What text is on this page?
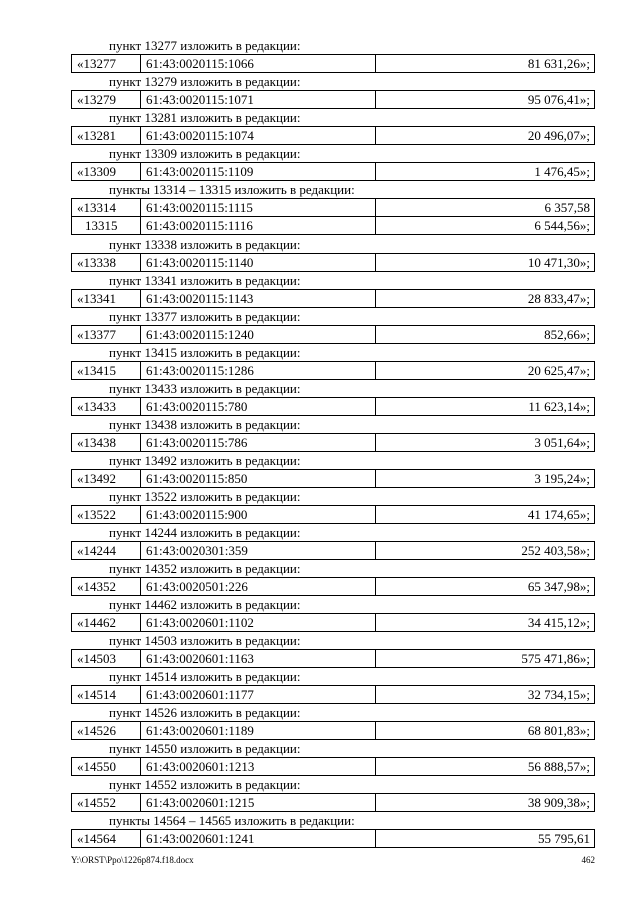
пункт 13277 изложить в редакции:
«13277	61:43:0020115:1066	81 631,26»;
пункт 13279 изложить в редакции:
«13279	61:43:0020115:1071	95 076,41»;
пункт 13281 изложить в редакции:
«13281	61:43:0020115:1074	20 496,07»;
пункт 13309 изложить в редакции:
«13309	61:43:0020115:1109	1 476,45»;
пункты 13314 – 13315 изложить в редакции:
«13314	61:43:0020115:1115	6 357,58
13315	61:43:0020115:1116	6 544,56»;
пункт 13338 изложить в редакции:
«13338	61:43:0020115:1140	10 471,30»;
пункт 13341 изложить в редакции:
«13341	61:43:0020115:1143	28 833,47»;
пункт 13377 изложить в редакции:
«13377	61:43:0020115:1240	852,66»;
пункт 13415 изложить в редакции:
«13415	61:43:0020115:1286	20 625,47»;
пункт 13433 изложить в редакции:
«13433	61:43:0020115:780	11 623,14»;
пункт 13438 изложить в редакции:
«13438	61:43:0020115:786	3 051,64»;
пункт 13492 изложить в редакции:
«13492	61:43:0020115:850	3 195,24»;
пункт 13522 изложить в редакции:
«13522	61:43:0020115:900	41 174,65»;
пункт 14244 изложить в редакции:
«14244	61:43:0020301:359	252 403,58»;
пункт 14352 изложить в редакции:
«14352	61:43:0020501:226	65 347,98»;
пункт 14462 изложить в редакции:
«14462	61:43:0020601:1102	34 415,12»;
пункт 14503 изложить в редакции:
«14503	61:43:0020601:1163	575 471,86»;
пункт 14514 изложить в редакции:
«14514	61:43:0020601:1177	32 734,15»;
пункт 14526 изложить в редакции:
«14526	61:43:0020601:1189	68 801,83»;
пункт 14550 изложить в редакции:
«14550	61:43:0020601:1213	56 888,57»;
пункт 14552 изложить в редакции:
«14552	61:43:0020601:1215	38 909,38»;
пункты 14564 – 14565 изложить в редакции:
«14564	61:43:0020601:1241	55 795,61
Y:\ORST\Ppo\1226p874.f18.docx	462
